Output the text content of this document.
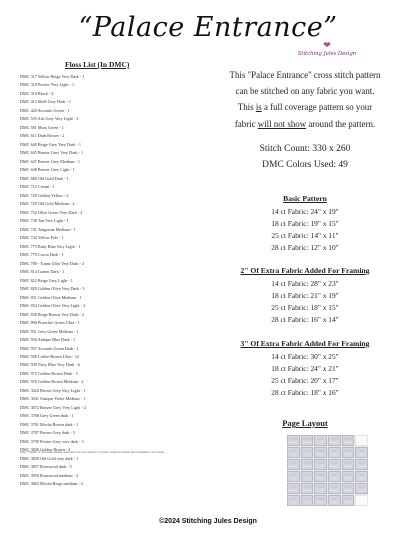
“Palace Entrance”
❤
Stitching Jules Design
Floss List (In DMC)
DMC 317 Yellow Beige Very Dark - 1
DMC 318 Pewter Very Light - 1
DMC 310 Black - 4
DMC 413 Shell Grey Dark - 1
DMC 420 Avocado Green - 1
DMC 535 Ash Grey Very Light - 2
DMC 581 Moss Green - 1
DMC 611 Drab Brown - 2
DMC 640 Beige Grey Very Dark - 1
DMC 645 Beaver Grey Very Dark - 1
DMC 647 Beaver Grey Medium - 1
DMC 648 Beaver Grey Light - 1
DMC 680 Old Gold Dark - 1
DMC 712 Cream - 1
DMC 728 Golden Yellow - 2
DMC 729 Old Gold Medium - 2
DMC 732 Olive Green Very Dark - 2
DMC 738 Tan Very Light - 1
DMC 741 Tangerine Medium - 1
DMC 744 Yellow Pale - 1
DMC 775 Baby Blue Very Light - 1
DMC 779 Cocoa Dark - 1
DMC 780 - Topaz Ultra Very Dark - 2
DMC 814 Garnet Dark - 1
DMC 822 Beige Grey Light - 1
DMC 829 Golden Olive Very Dark - 3
DMC 831 Golden Olive Medium - 1
DMC 834 Golden Olive Very Light - 2
DMC 838 Beige Brown Very Dark - 2
DMC 890 Pistachio Green Ultra - 1
DMC 931 Grey Green Medium - 1
DMC 930 Antique Blue Dark - 1
DMC 937 Avocado Green Dark - 1
DMC 938 Coffee Brown Ultra - 12
DMC 939 Navy Blue Very Dark - 6
DMC 975 Golden Brown Dark - 3
DMC 976 Golden Brown Medium - 2
DMC 3024 Brown Grey Very Light - 1
DMC 3041 Antique Violet Medium - 1
DMC 3072 Beaver Grey Very Light - 2
DMC 3768 Grey Green dark - 1
DMC 3781 Mocha Brown dark - 1
DMC 3787 Brown Grey dark - 3
DMC 3799 Pewter Grey very dark - 3
DMC 3826 Golden Brown - 2
DMC 3829 Old Gold very dark - 1
DMC 3857 Rosewood dark - 5
DMC 3858 Rosewood medium - 2
DMC 3863 Mocha Beige medium - 2
(abbr) * Number of floss skeins needed is noted after each color based on 14 ct fabric, results are standard and are estimated to be accurate.
This "Palace Entrance" cross stitch pattern
can be stitched on any fabric you want.
This is a full coverage pattern so your
fabric will not show around the pattern.
Stitch Count: 330 x 260
DMC Colors Used: 49
Basic Pattern
14 ct Fabric: 24" x 19"
18 ct Fabric: 19" x 15"
25 ct Fabric: 14" x 11"
28 ct Fabric: 12" x 10"
2" Of Extra Fabric Added For Framing
14 ct Fabric: 28" x 23"
18 ct Fabric: 21" x 19"
25 ct Fabric: 18" x 15"
28 ct Fabric: 16" x 14"
3" Of Extra Fabric Added For Framing
14 ct Fabric: 30" x 25"
18 ct Fabric: 24" x 21"
25 ct Fabric: 20" x 17"
28 ct Fabric: 18" x 16"
Page Layout
©2024 Stitching Jules Design
